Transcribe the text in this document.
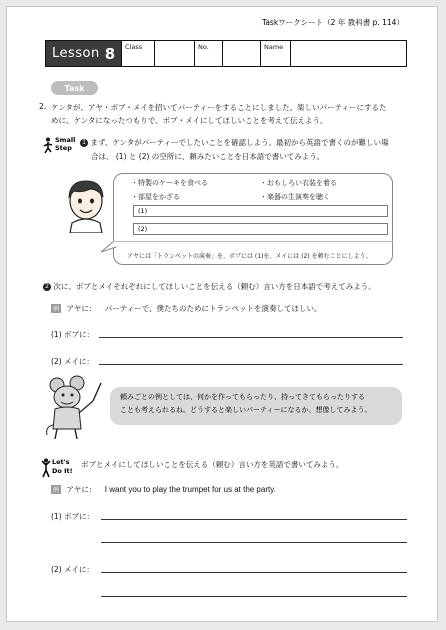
Taskワークシート（2 年 教科書 p. 114）
Lesson 8	Class	No.	Name
Task
2. ケンタが、アヤ・ボブ・メイを招いてパーティーをすることにしました。楽しいパーティーにするた
めに、ケンタになったつもりで、ボブ・メイにしてほしいことを考えて伝えよう。
Small
Step
1 まず、ケンタがパーティーでしたいことを確認しよう。最初から英語で書くのが難しい場
合は、 (1) と (2) の空所に、頼みたいことを日本語で書いてみよう。
・特製のケーキを食べる	・おもしろい衣装を着る
・部屋をかざる	・楽器の生演奏を聴く
(1)
(2)
アヤには「トランペットの演奏」を、ボブには (1)を、メイには (2) を頼むことにしよう。
2 次に、ボブとメイそれぞれにしてほしいことを伝える（頼む）言い方を日本語で考えてみよう。
例 アヤに： パーティーで、僕たちのためにトランペットを演奏してほしい。
(1) ボブに：
(2) メイに：
頼みごとの例としては、何かを作ってもらったり、持ってきてもらったりする
ことも考えられるね。どうすると楽しいパーティーになるか、想像してみよう。
Let's
Do It!
ボブとメイにしてほしいことを伝える（頼む）言い方を英語で書いてみよう。
例 アヤに： I want you to play the trumpet for us at the party.
(1) ボブに：
(2) メイに：
